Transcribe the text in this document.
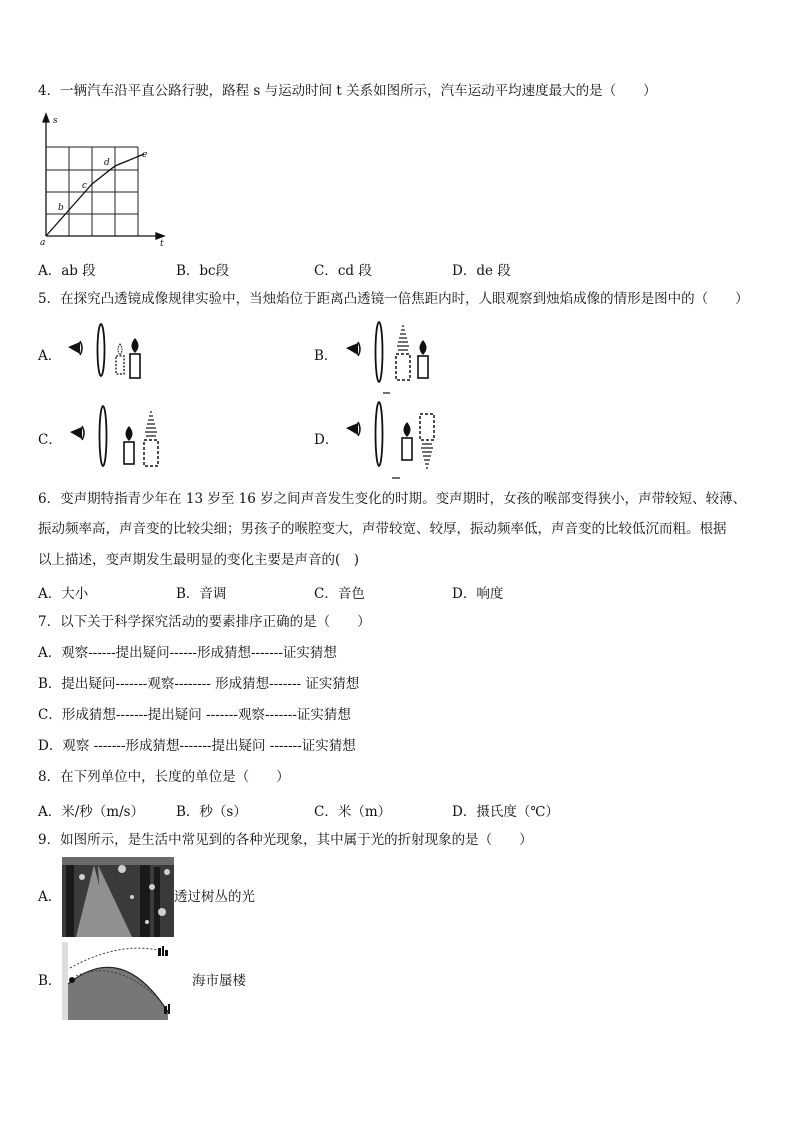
4．一辆汽车沿平直公路行驶，路程 s 与运动时间 t 关系如图所示，汽车运动平均速度最大的是（　　）
s
t
a
b
c
d
e
A．ab 段	B．bc段	C．cd 段	D．de 段
5．在探究凸透镜成像规律实验中，当烛焰位于距离凸透镜一倍焦距内时，人眼观察到烛焰成像的情形是图中的（　　）
A．	B．
C．	D．
6．变声期特指青少年在 13 岁至 16 岁之间声音发生变化的时期。变声期时，女孩的喉部变得狭小，声带较短、较薄、
振动频率高，声音变的比较尖细；男孩子的喉腔变大，声带较宽、较厚，振动频率低，声音变的比较低沉而粗。根据
以上描述，变声期发生最明显的变化主要是声音的(　)
A．大小	B．音调	C．音色	D．响度
7．以下关于科学探究活动的要素排序正确的是（　　）
A．观察------提出疑问------形成猜想-------证实猜想
B．提出疑问-------观察-------- 形成猜想------- 证实猜想
C．形成猜想-------提出疑问 -------观察-------证实猜想
D．观察 -------形成猜想-------提出疑问 -------证实猜想
8．在下列单位中，长度的单位是（　　）
A．米/秒（m/s） B．秒（s）	C．米（m）	D．摄氏度（℃）
9．如图所示，是生活中常见到的各种光现象，其中属于光的折射现象的是（　　）
A．	透过树丛的光
B．	海市蜃楼
